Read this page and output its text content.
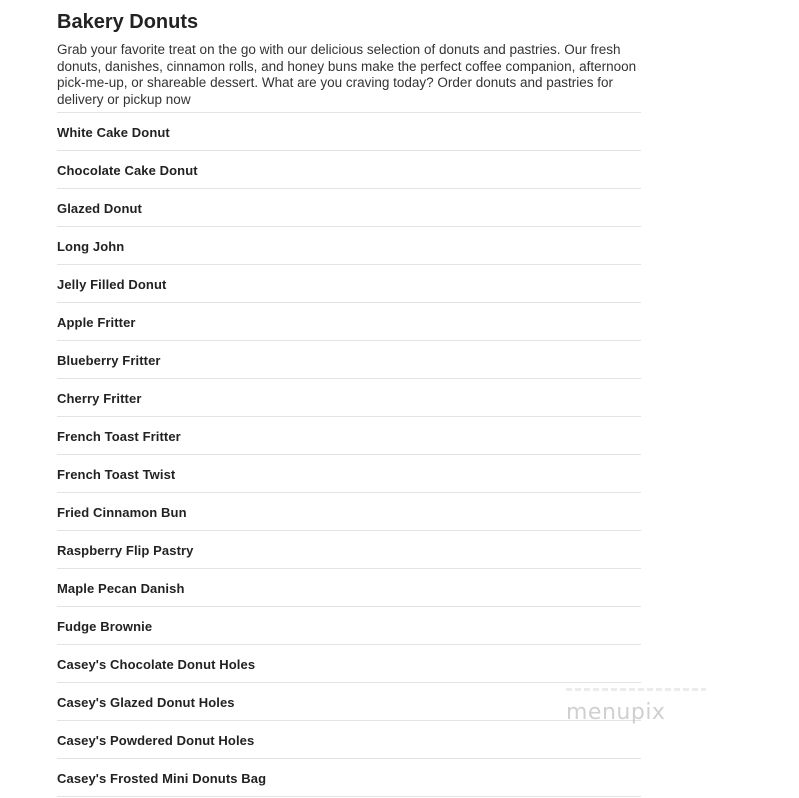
Bakery Donuts

Grab your favorite treat on the go with our delicious selection of donuts and pastries. Our fresh donuts, danishes, cinnamon rolls, and honey buns make the perfect coffee companion, afternoon pick-me-up, or shareable dessert. What are you craving today? Order donuts and pastries for delivery or pickup now

White Cake Donut
Chocolate Cake Donut
Glazed Donut
Long John
Jelly Filled Donut
Apple Fritter
Blueberry Fritter
Cherry Fritter
French Toast Fritter
French Toast Twist
Fried Cinnamon Bun
Raspberry Flip Pastry
Maple Pecan Danish
Fudge Brownie
Casey's Chocolate Donut Holes
Casey's Glazed Donut Holes
Casey's Powdered Donut Holes
Casey's Frosted Mini Donuts Bag
menupix
